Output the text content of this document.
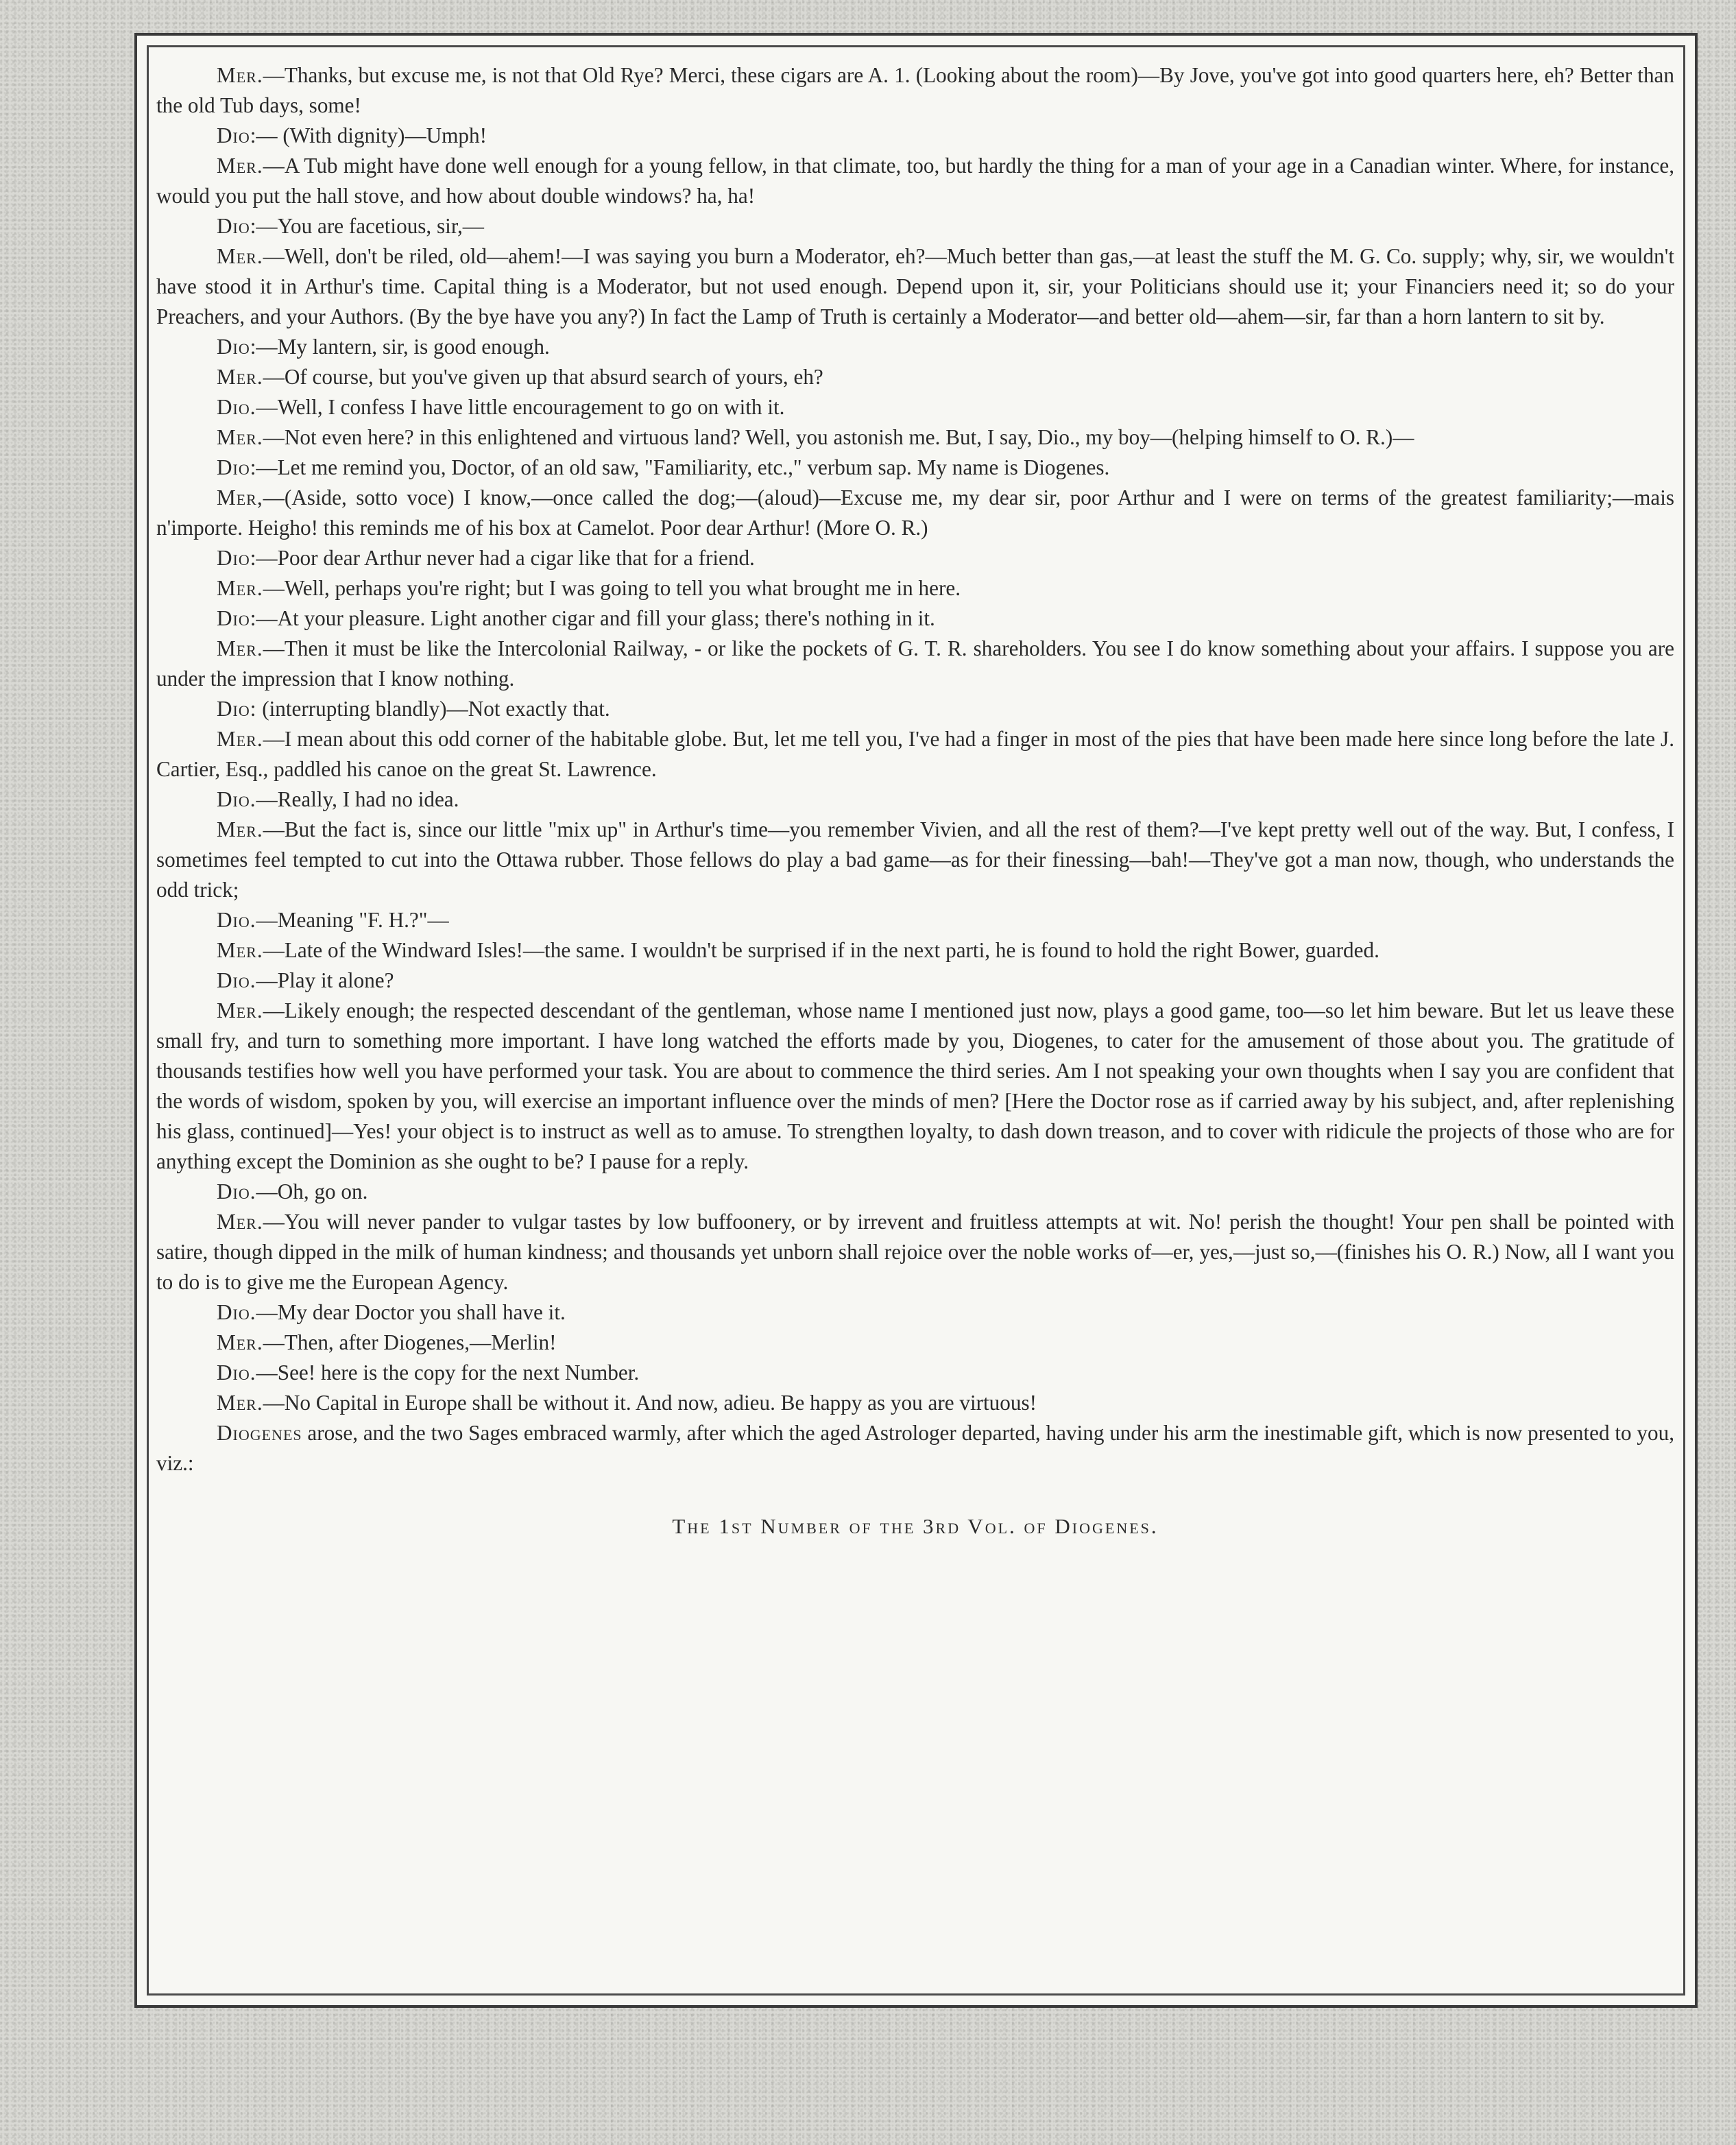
Mer.—Thanks, but excuse me, is not that Old Rye? Merci, these cigars are A. 1. (Looking about the room)—By Jove, you've got into good quarters here, eh? Better than the old Tub days, some!

Dio:— (With dignity)—Umph!

Mer.—A Tub might have done well enough for a young fellow, in that climate, too, but hardly the thing for a man of your age in a Canadian winter. Where, for instance, would you put the hall stove, and how about double windows? ha, ha!

Dio:—You are facetious, sir,—

Mer.—Well, don't be riled, old—ahem!—I was saying you burn a Moderator, eh?—Much better than gas,—at least the stuff the M. G. Co. supply; why, sir, we wouldn't have stood it in Arthur's time. Capital thing is a Moderator, but not used enough. Depend upon it, sir, your Politicians should use it; your Financiers need it; so do your Preachers, and your Authors. (By the bye have you any?) In fact the Lamp of Truth is certainly a Moderator—and better old—ahem—sir, far than a horn lantern to sit by.

Dio:—My lantern, sir, is good enough.

Mer.—Of course, but you've given up that absurd search of yours, eh?

Dio.—Well, I confess I have little encouragement to go on with it.

Mer.—Not even here? in this enlightened and virtuous land? Well, you astonish me. But, I say, Dio., my boy—(helping himself to O. R.)—

Dio:—Let me remind you, Doctor, of an old saw, "Familiarity, etc.," verbum sap. My name is Diogenes.

Mer,—(Aside, sotto voce) I know,—once called the dog;—(aloud)—Excuse me, my dear sir, poor Arthur and I were on terms of the greatest familiarity;—mais n'importe. Heigho! this reminds me of his box at Camelot. Poor dear Arthur! (More O. R.)

Dio:—Poor dear Arthur never had a cigar like that for a friend.

Mer.—Well, perhaps you're right; but I was going to tell you what brought me in here.

Dio:—At your pleasure. Light another cigar and fill your glass; there's nothing in it.

Mer.—Then it must be like the Intercolonial Railway, - or like the pockets of G. T. R. shareholders. You see I do know something about your affairs. I suppose you are under the impression that I know nothing.

Dio: (interrupting blandly)—Not exactly that.

Mer.—I mean about this odd corner of the habitable globe. But, let me tell you, I've had a finger in most of the pies that have been made here since long before the late J. Cartier, Esq., paddled his canoe on the great St. Lawrence.

Dio.—Really, I had no idea.

Mer.—But the fact is, since our little "mix up" in Arthur's time—you remember Vivien, and all the rest of them?—I've kept pretty well out of the way. But, I confess, I sometimes feel tempted to cut into the Ottawa rubber. Those fellows do play a bad game—as for their finessing—bah!—They've got a man now, though, who understands the odd trick;

Dio.—Meaning "F. H.?"—

Mer.—Late of the Windward Isles!—the same. I wouldn't be surprised if in the next parti, he is found to hold the right Bower, guarded.

Dio.—Play it alone?

Mer.—Likely enough; the respected descendant of the gentleman, whose name I mentioned just now, plays a good game, too—so let him beware. But let us leave these small fry, and turn to something more important. I have long watched the efforts made by you, Diogenes, to cater for the amusement of those about you. The gratitude of thousands testifies how well you have performed your task. You are about to commence the third series. Am I not speaking your own thoughts when I say you are confident that the words of wisdom, spoken by you, will exercise an important influence over the minds of men? [Here the Doctor rose as if carried away by his subject, and, after replenishing his glass, continued]—Yes! your object is to instruct as well as to amuse. To strengthen loyalty, to dash down treason, and to cover with ridicule the projects of those who are for anything except the Dominion as she ought to be? I pause for a reply.

Dio.—Oh, go on.

Mer.—You will never pander to vulgar tastes by low buffoonery, or by irrevent and fruitless attempts at wit. No! perish the thought! Your pen shall be pointed with satire, though dipped in the milk of human kindness; and thousands yet unborn shall rejoice over the noble works of—er, yes,—just so,—(finishes his O. R.) Now, all I want you to do is to give me the European Agency.

Dio.—My dear Doctor you shall have it.

Mer.—Then, after Diogenes,—Merlin!

Dio.—See! here is the copy for the next Number.

Mer.—No Capital in Europe shall be without it. And now, adieu. Be happy as you are virtuous!

Diogenes arose, and the two Sages embraced warmly, after which the aged Astrologer departed, having under his arm the inestimable gift, which is now presented to you, viz.:

The 1st Number of the 3rd Vol. of Diogenes.
